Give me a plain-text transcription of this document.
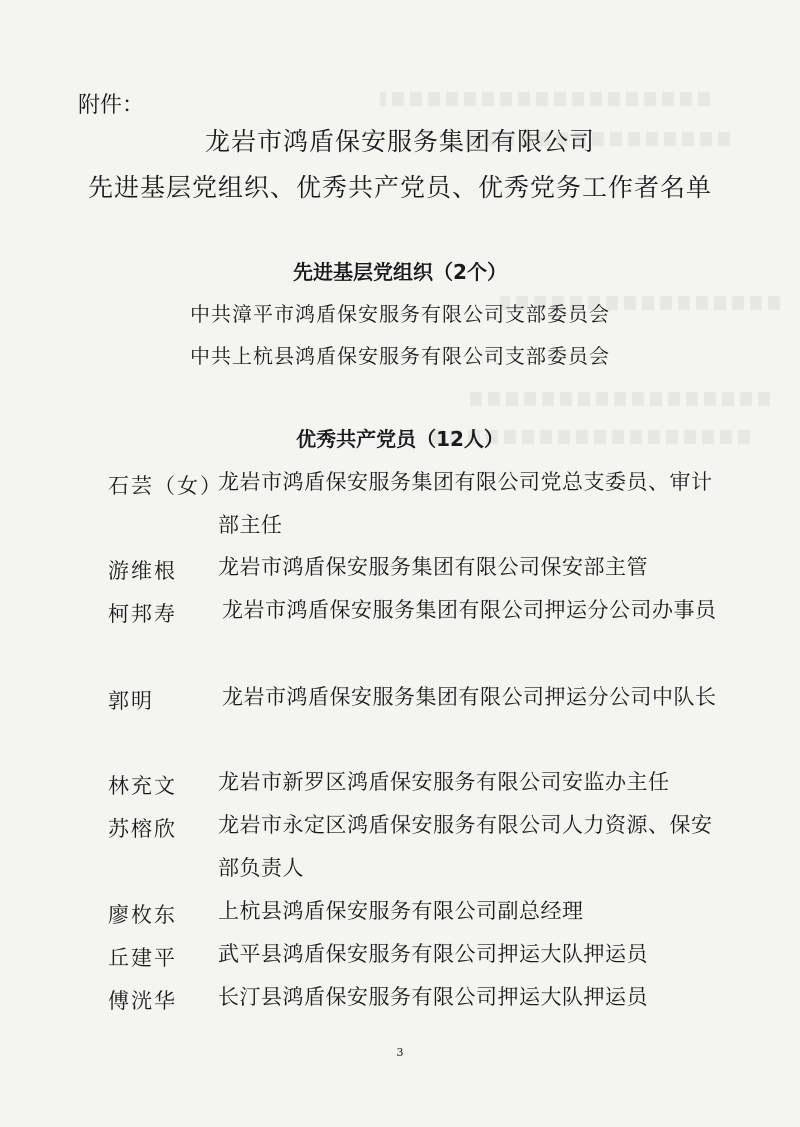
附件：
龙岩市鸿盾保安服务集团有限公司
先进基层党组织、优秀共产党员、优秀党务工作者名单
先进基层党组织（2个）
中共漳平市鸿盾保安服务有限公司支部委员会
中共上杭县鸿盾保安服务有限公司支部委员会
优秀共产党员（12人）
石芸（女）
龙岩市鸿盾保安服务集团有限公司党总支委员、审计部主任
游维根 龙岩市鸿盾保安服务集团有限公司保安部主管
柯邦寿 龙岩市鸿盾保安服务集团有限公司押运分公司办事员
郭明	龙岩市鸿盾保安服务集团有限公司押运分公司中队长
林充文 龙岩市新罗区鸿盾保安服务有限公司安监办主任
苏榕欣 龙岩市永定区鸿盾保安服务有限公司人力资源、保安部负责人
廖枚东 上杭县鸿盾保安服务有限公司副总经理
丘建平 武平县鸿盾保安服务有限公司押运大队押运员
傅洸华 长汀县鸿盾保安服务有限公司押运大队押运员
3
